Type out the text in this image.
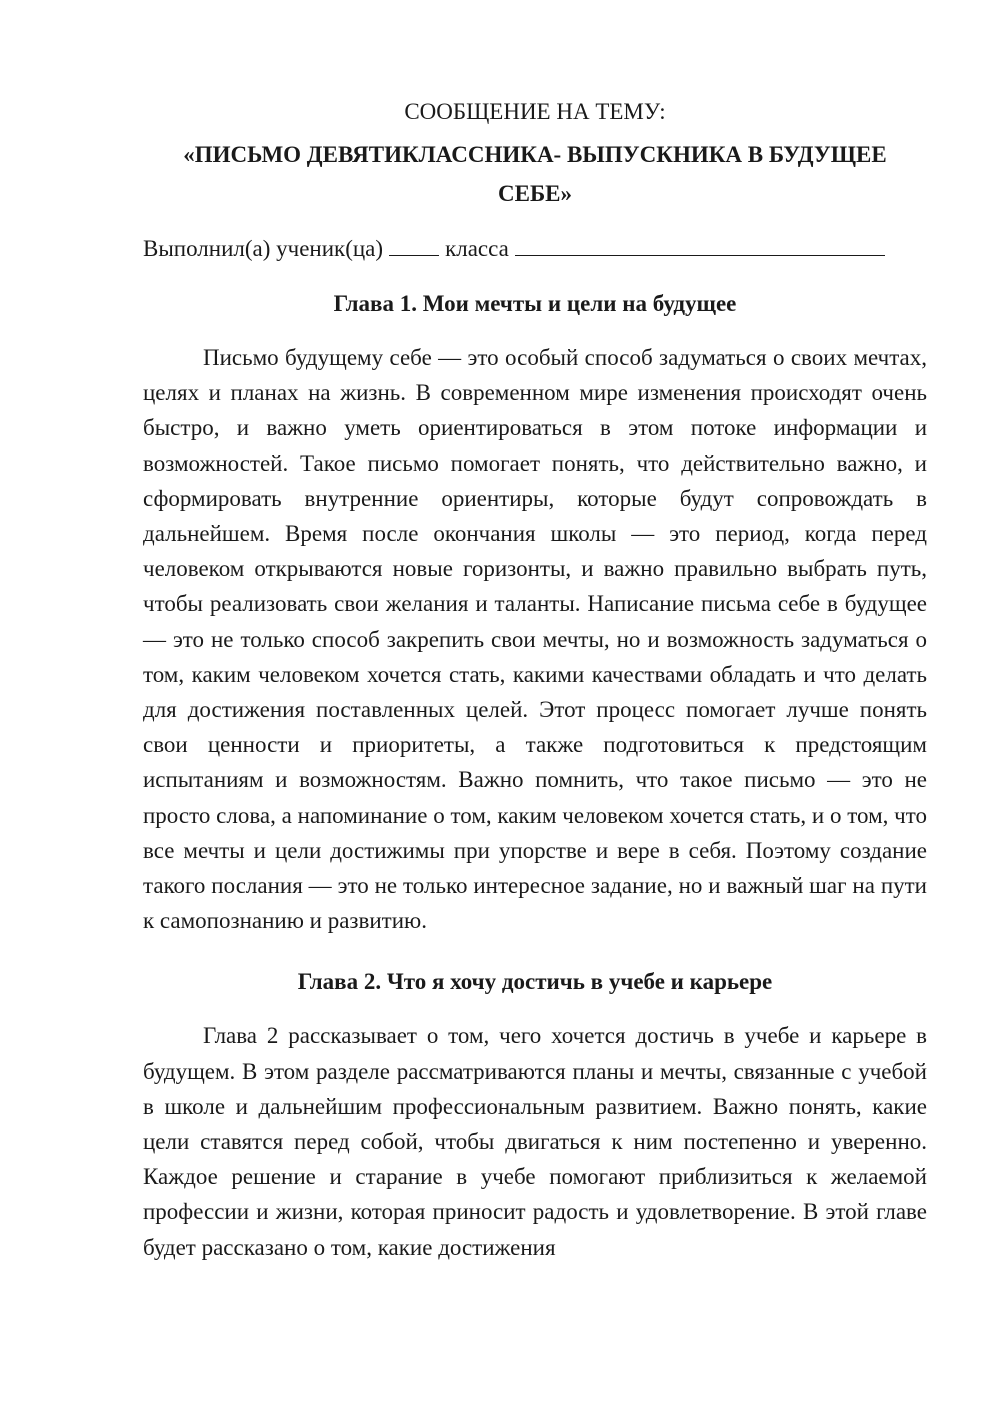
СООБЩЕНИЕ НА ТЕМУ:

«ПИСЬМО ДЕВЯТИКЛАССНИКА- ВЫПУСКНИКА В БУДУЩЕЕ СЕБЕ»

Выполнил(а) ученик(ца)	класса

Глава 1. Мои мечты и цели на будущее

Письмо будущему себе — это особый способ задуматься о своих мечтах, целях и планах на жизнь. В современном мире изменения происходят очень быстро, и важно уметь ориентироваться в этом потоке информации и возможностей. Такое письмо помогает понять, что действительно важно, и сформировать внутренние ориентиры, которые будут сопровождать в дальнейшем. Время после окончания школы — это период, когда перед человеком открываются новые горизонты, и важно правильно выбрать путь, чтобы реализовать свои желания и таланты. Написание письма себе в будущее — это не только способ закрепить свои мечты, но и возможность задуматься о том, каким человеком хочется стать, какими качествами обладать и что делать для достижения поставленных целей. Этот процесс помогает лучше понять свои ценности и приоритеты, а также подготовиться к предстоящим испытаниям и возможностям. Важно помнить, что такое письмо — это не просто слова, а напоминание о том, каким человеком хочется стать, и о том, что все мечты и цели достижимы при упорстве и вере в себя. Поэтому создание такого послания — это не только интересное задание, но и важный шаг на пути к самопознанию и развитию.

Глава 2. Что я хочу достичь в учебе и карьере

Глава 2 рассказывает о том, чего хочется достичь в учебе и карьере в будущем. В этом разделе рассматриваются планы и мечты, связанные с учебой в школе и дальнейшим профессиональным развитием. Важно понять, какие цели ставятся перед собой, чтобы двигаться к ним постепенно и уверенно. Каждое решение и старание в учебе помогают приблизиться к желаемой профессии и жизни, которая приносит радость и удовлетворение. В этой главе будет рассказано о том, какие достижения
